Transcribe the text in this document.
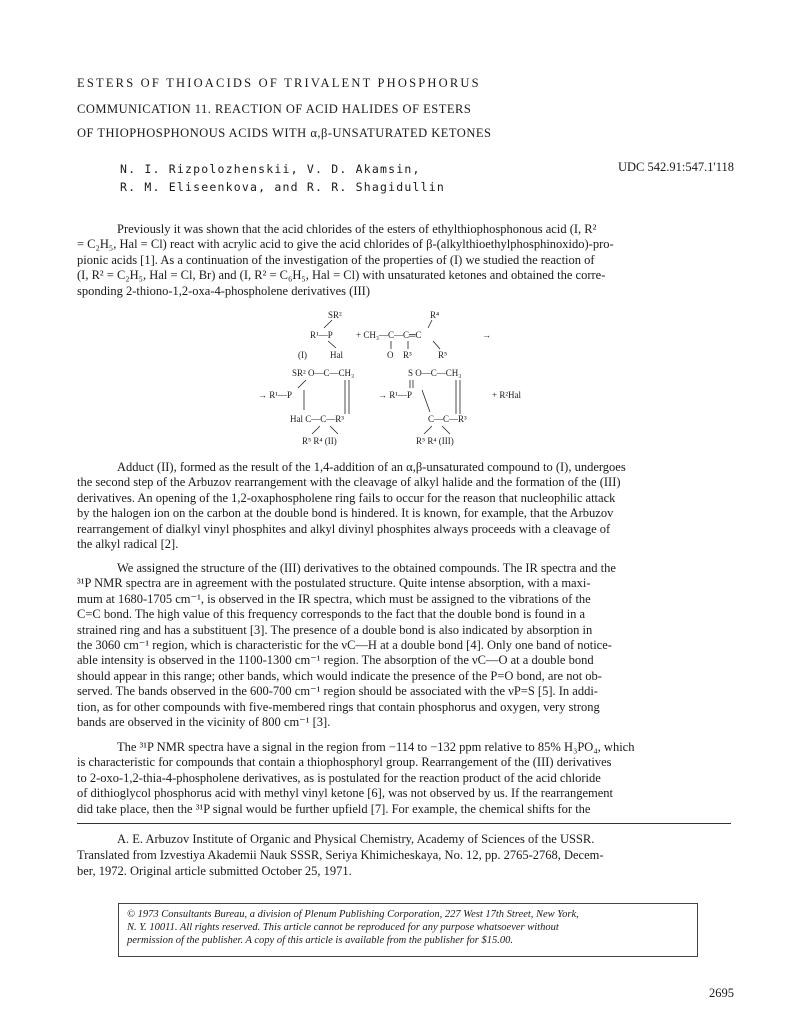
ESTERS OF THIOACIDS OF TRIVALENT PHOSPHORUS
COMMUNICATION 11. REACTION OF ACID HALIDES OF ESTERS
OF THIOPHOSPHONOUS ACIDS WITH α,β-UNSATURATED KETONES
N. I. Rizpolozhenskii, V. D. Akamsin,
R. M. Eliseenkova, and R. R. Shagidullin
UDC 542.91:547.1'118
Previously it was shown that the acid chlorides of the esters of ethylthiophosphonous acid (I, R²
= C₂H₅, Hal = Cl) react with acrylic acid to give the acid chlorides of β-(alkylthioethylphosphinoxido)-pro-
pionic acids [1]. As a continuation of the investigation of the properties of (I) we studied the reaction of
(I, R² = C₂H₅, Hal = Cl, Br) and (I, R² = C₆H₅, Hal = Cl) with unsaturated ketones and obtained the corre-
sponding 2-thiono-1,2-oxa-4-phospholene derivatives (III)
SR²
R¹—P
Hal
(I)
+ CH₃—C—C═C
R⁴
R⁵
O R³
→
SR² O—C—CH₃
→ R¹—P
Hal C—C—R³
R⁵ R⁴ (II)
S O—C—CH₃
→ R¹—P
C—C—R³
R⁵ R⁴ (III)
+ R²Hal
Adduct (II), formed as the result of the 1,4-addition of an α,β-unsaturated compound to (I), undergoes
the second step of the Arbuzov rearrangement with the cleavage of alkyl halide and the formation of the (III)
derivatives. An opening of the 1,2-oxaphospholene ring fails to occur for the reason that nucleophilic attack
by the halogen ion on the carbon at the double bond is hindered. It is known, for example, that the Arbuzov
rearrangement of dialkyl vinyl phosphites and alkyl divinyl phosphites always proceeds with a cleavage of
the alkyl radical [2].
We assigned the structure of the (III) derivatives to the obtained compounds. The IR spectra and the
³¹P NMR spectra are in agreement with the postulated structure. Quite intense absorption, with a maxi-
mum at 1680-1705 cm⁻¹, is observed in the IR spectra, which must be assigned to the vibrations of the
C=C bond. The high value of this frequency corresponds to the fact that the double bond is found in a
strained ring and has a substituent [3]. The presence of a double bond is also indicated by absorption in
the 3060 cm⁻¹ region, which is characteristic for the νC—H at a double bond [4]. Only one band of notice-
able intensity is observed in the 1100-1300 cm⁻¹ region. The absorption of the νC—O at a double bond
should appear in this range; other bands, which would indicate the presence of the P=O bond, are not ob-
served. The bands observed in the 600-700 cm⁻¹ region should be associated with the νP=S [5]. In addi-
tion, as for other compounds with five-membered rings that contain phosphorus and oxygen, very strong
bands are observed in the vicinity of 800 cm⁻¹ [3].
The ³¹P NMR spectra have a signal in the region from −114 to −132 ppm relative to 85% H₃PO₄, which
is characteristic for compounds that contain a thiophosphoryl group. Rearrangement of the (III) derivatives
to 2-oxo-1,2-thia-4-phospholene derivatives, as is postulated for the reaction product of the acid chloride
of dithioglycol phosphorus acid with methyl vinyl ketone [6], was not observed by us. If the rearrangement
did take place, then the ³¹P signal would be further upfield [7]. For example, the chemical shifts for the
A. E. Arbuzov Institute of Organic and Physical Chemistry, Academy of Sciences of the USSR.
Translated from Izvestiya Akademii Nauk SSSR, Seriya Khimicheskaya, No. 12, pp. 2765-2768, Decem-
ber, 1972. Original article submitted October 25, 1971.
© 1973 Consultants Bureau, a division of Plenum Publishing Corporation, 227 West 17th Street, New York,
N. Y. 10011. All rights reserved. This article cannot be reproduced for any purpose whatsoever without
permission of the publisher. A copy of this article is available from the publisher for $15.00.
2695
